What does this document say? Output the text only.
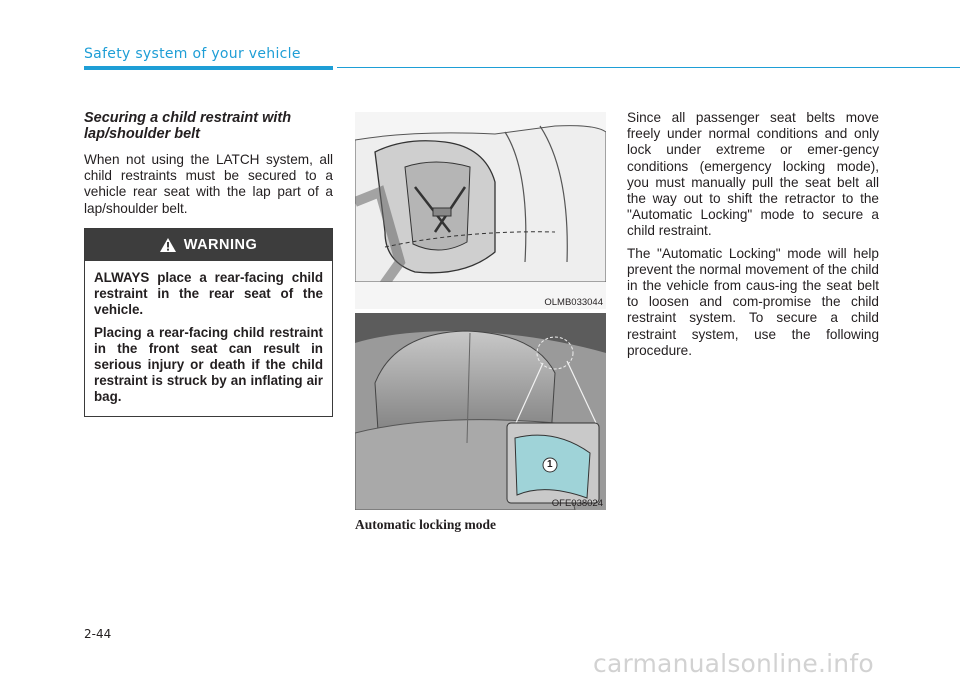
Safety system of your vehicle
Securing a child restraint with lap/shoulder belt
When not using the LATCH system, all child restraints must be secured to a vehicle rear seat with the lap part of a lap/shoulder belt.
WARNING

ALWAYS place a rear-facing child restraint in the rear seat of the vehicle.

Placing a rear-facing child restraint in the front seat can result in serious injury or death if the child restraint is struck by an inflating air bag.

OLMB033044
1
OFE038024
Automatic locking mode

Since all passenger seat belts move freely under normal conditions and only lock under extreme or emer-gency conditions (emergency locking mode), you must manually pull the seat belt all the way out to shift the retractor to the "Automatic Locking" mode to secure a child restraint.

The "Automatic Locking" mode will help prevent the normal movement of the child in the vehicle from caus-ing the seat belt to loosen and com-promise the child restraint system. To secure a child restraint system, use the following procedure.

2-44
carmanualsonline.info
